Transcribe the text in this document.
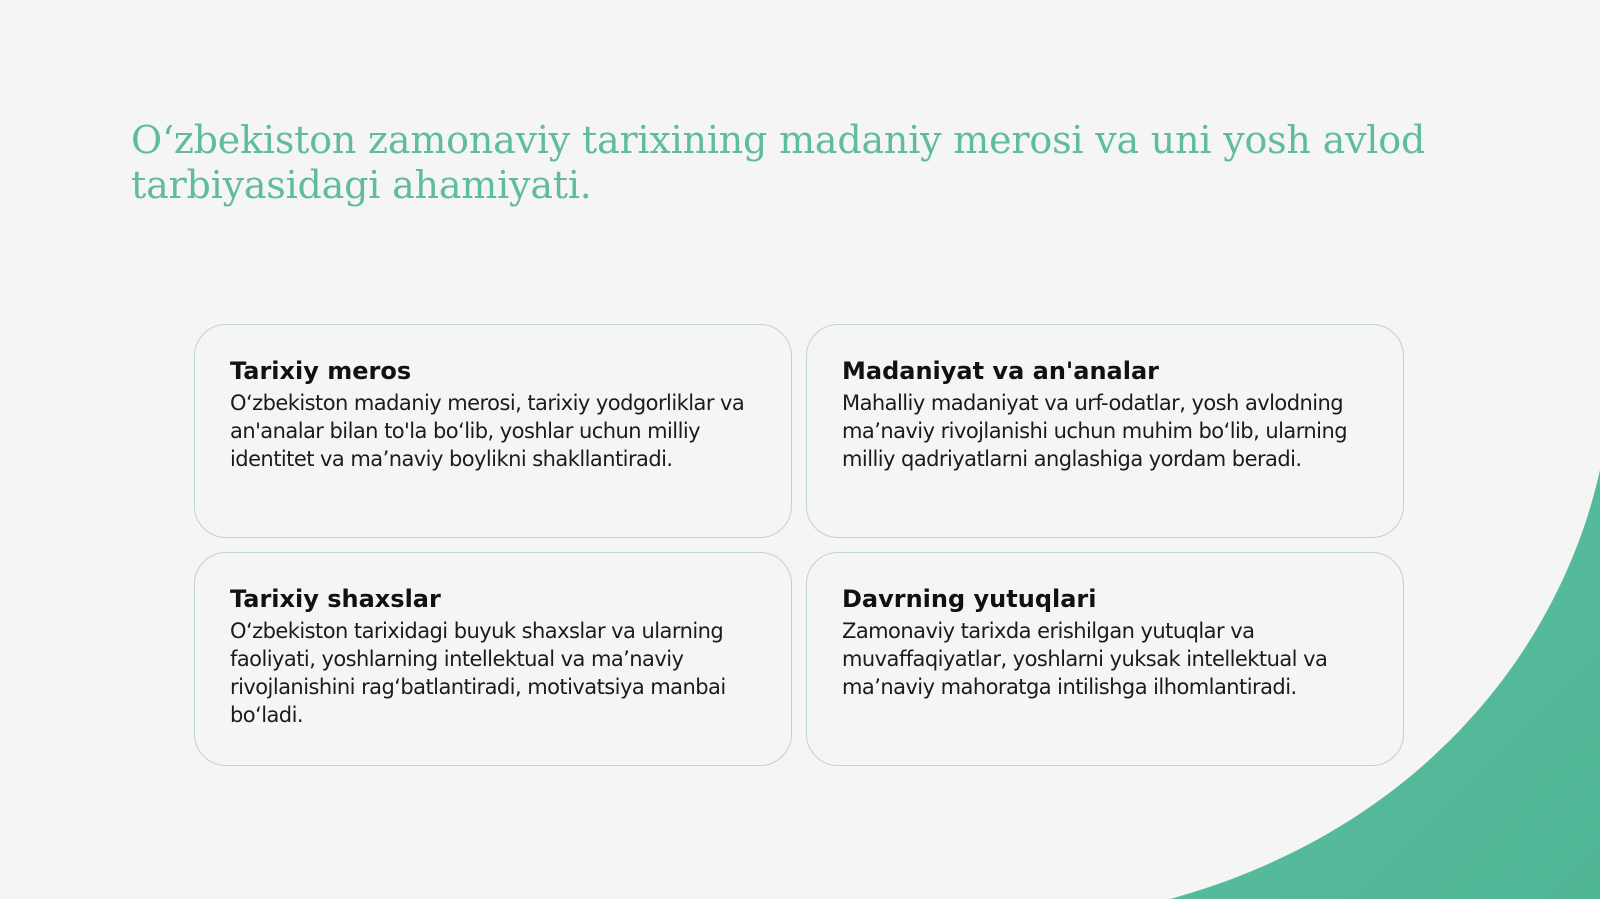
O‘zbekiston zamonaviy tarixining madaniy merosi va uni yosh avlod tarbiyasidagi ahamiyati.
Tarixiy meros

O‘zbekiston madaniy merosi, tarixiy yodgorliklar va an'analar bilan to'la bo‘lib, yoshlar uchun milliy identitet va ma’naviy boylikni shakllantiradi.

Madaniyat va an'analar

Mahalliy madaniyat va urf-odatlar, yosh avlodning ma’naviy rivojlanishi uchun muhim bo‘lib, ularning milliy qadriyatlarni anglashiga yordam beradi.

Tarixiy shaxslar

O‘zbekiston tarixidagi buyuk shaxslar va ularning faoliyati, yoshlarning intellektual va ma’naviy rivojlanishini rag‘batlantiradi, motivatsiya manbai bo‘ladi.

Davrning yutuqlari

Zamonaviy tarixda erishilgan yutuqlar va muvaffaqiyatlar, yoshlarni yuksak intellektual va ma’naviy mahoratga intilishga ilhomlantiradi.
